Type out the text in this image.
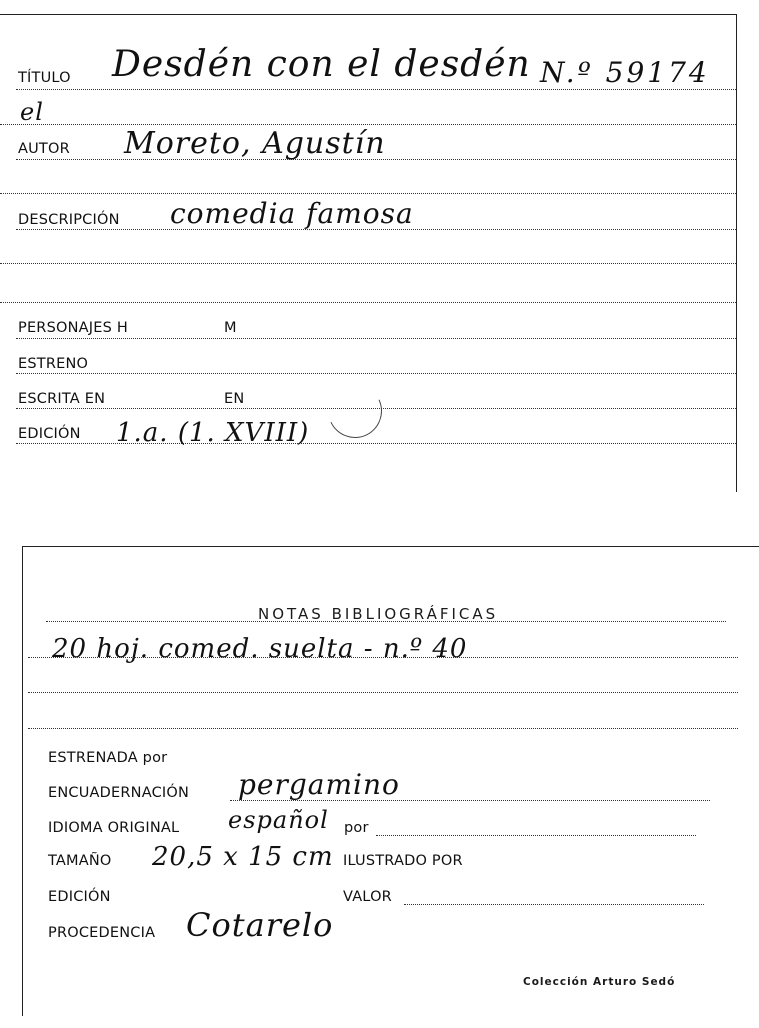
TÍTULO Desdén con el desdén N.º 59174
el
AUTOR Moreto, Agustín
DESCRIPCIÓN comedia famosa
PERSONAJES H	M
ESTRENO
ESCRITA EN	EN
EDICIÓN 1.a. (1. XVIII)
NOTAS BIBLIOGRÁFICAS
20 hoj. comed. suelta - n.º 40
ESTRENADA por
ENCUADERNACIÓN pergamino
IDIOMA ORIGINAL español por
TAMAÑO 20,5 x 15 cm ILUSTRADO POR
EDICIÓN	VALOR
PROCEDENCIA Cotarelo
Colección Arturo Sedó
